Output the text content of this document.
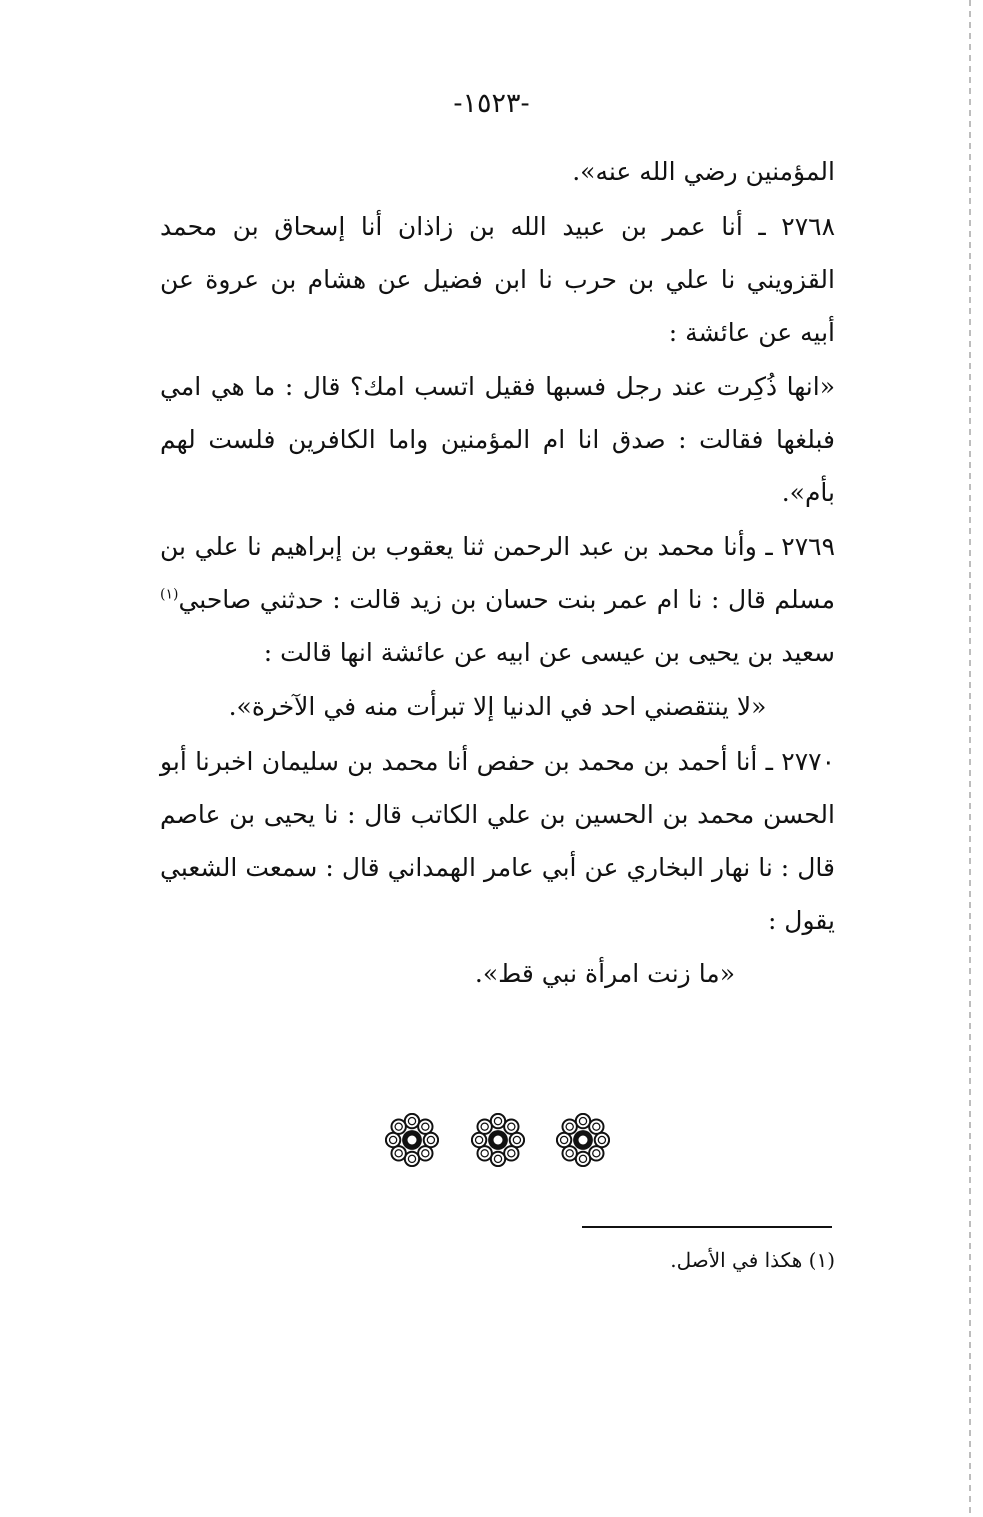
-١٥٢٣-
المؤمنين رضي الله عنه».
٢٧٦٨ ـ أنا عمر بن عبيد الله بن زاذان أنا إسحاق بن محمد القزويني نا علي بن حرب نا ابن فضيل عن هشام بن عروة عن أبيه عن عائشة :
«انها ذُكِرت عند رجل فسبها فقيل اتسب امك؟ قال : ما هي امي فبلغها فقالت : صدق انا ام المؤمنين واما الكافرين فلست لهم بأم».
٢٧٦٩ ـ وأنا محمد بن عبد الرحمن ثنا يعقوب بن إبراهيم نا علي بن مسلم قال : نا ام عمر بنت حسان بن زيد قالت : حدثني صاحبي$^{(١)}$ سعيد بن يحيى بن عيسى عن ابيه عن عائشة انها قالت :
«لا ينتقصني احد في الدنيا إلا تبرأت منه في الآخرة».
٢٧٧٠ ـ أنا أحمد بن محمد بن حفص أنا محمد بن سليمان اخبرنا أبو الحسن محمد بن الحسين بن علي الكاتب قال : نا يحيى بن عاصم قال : نا نهار البخاري عن أبي عامر الهمداني قال : سمعت الشعبي يقول :
«ما زنت امرأة نبي قط».
(١) هكذا في الأصل.
